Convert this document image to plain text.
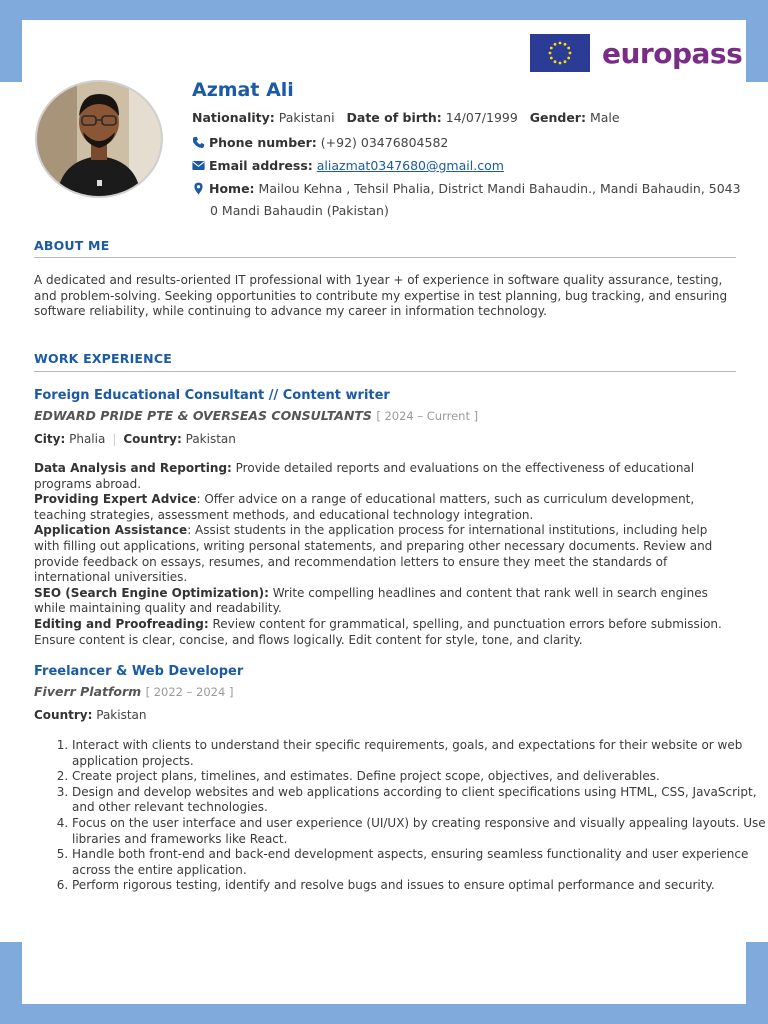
europass
Azmat Ali
Nationality: Pakistani Date of birth: 14/07/1999 Gender: Male
Phone number: (+92) 03476804582
Email address: aliazmat0347680@gmail.com
Home: Mailou Kehna , Tehsil Phalia, District Mandi Bahaudin., Mandi Bahaudin, 5043
0 Mandi Bahaudin (Pakistan)
ABOUT ME
A dedicated and results-oriented IT professional with 1year + of experience in software quality assurance, testing, and problem-solving. Seeking opportunities to contribute my expertise in test planning, bug tracking, and ensuring software reliability, while continuing to advance my career in information technology.
WORK EXPERIENCE
Foreign Educational Consultant // Content writer
EDWARD PRIDE PTE & OVERSEAS CONSULTANTS [ 2024 – Current ]
City: Phalia | Country: Pakistan

Data Analysis and Reporting: Provide detailed reports and evaluations on the effectiveness of educational programs abroad.

Providing Expert Advice: Offer advice on a range of educational matters, such as curriculum development, teaching strategies, assessment methods, and educational technology integration.

Application Assistance: Assist students in the application process for international institutions, including help with filling out applications, writing personal statements, and preparing other necessary documents. Review and provide feedback on essays, resumes, and recommendation letters to ensure they meet the standards of international universities.

SEO (Search Engine Optimization): Write compelling headlines and content that rank well in search engines while maintaining quality and readability.

Editing and Proofreading: Review content for grammatical, spelling, and punctuation errors before submission. Ensure content is clear, concise, and flows logically. Edit content for style, tone, and clarity.

Freelancer & Web Developer
Fiverr Platform [ 2022 – 2024 ]
Country: Pakistan
1. Interact with clients to understand their specific requirements, goals, and expectations for their website or web application projects.
2. Create project plans, timelines, and estimates. Define project scope, objectives, and deliverables.
3. Design and develop websites and web applications according to client specifications using HTML, CSS, JavaScript, and other relevant technologies.
4. Focus on the user interface and user experience (UI/UX) by creating responsive and visually appealing layouts. Use libraries and frameworks like React.
5. Handle both front-end and back-end development aspects, ensuring seamless functionality and user experience across the entire application.
6. Perform rigorous testing, identify and resolve bugs and issues to ensure optimal performance and security.
